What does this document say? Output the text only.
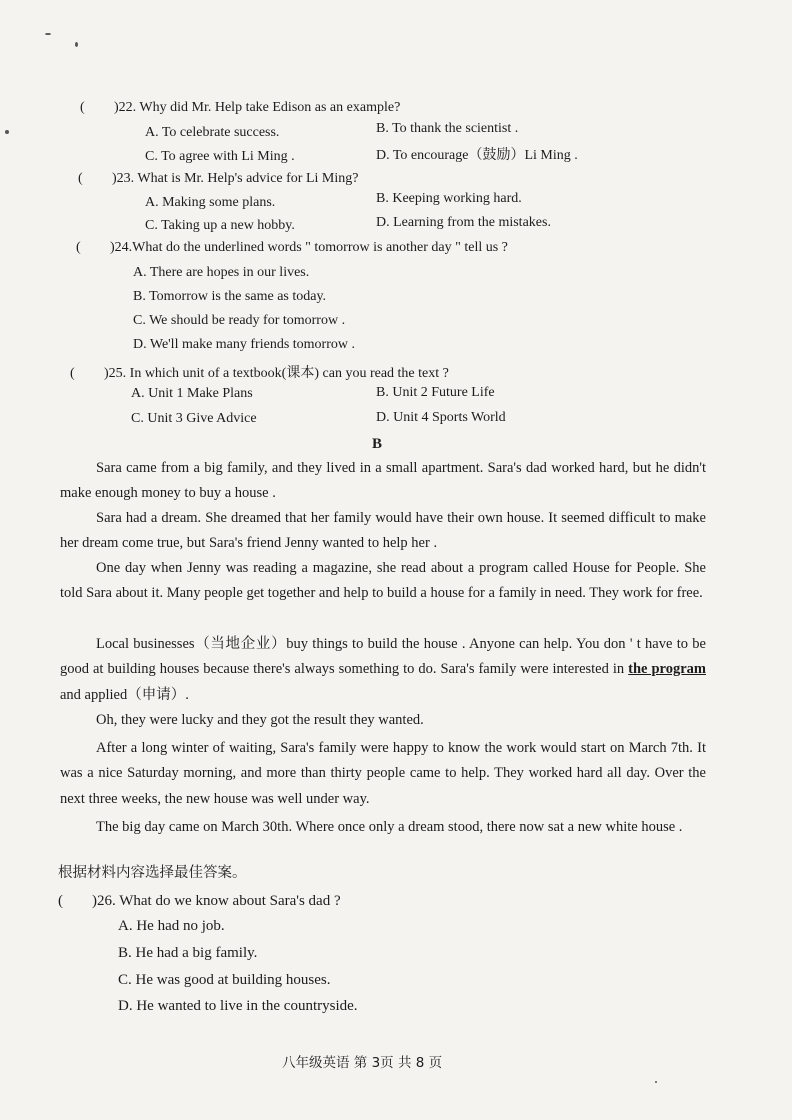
( )22. Why did Mr. Help take Edison as an example?
A. To celebrate success.	B. To thank the scientist .
C. To agree with Li Ming .	D. To encourage（鼓励）Li Ming .
( )23. What is Mr. Help's advice for Li Ming?
A. Making some plans.	B. Keeping working hard.
C. Taking up a new hobby.	D. Learning from the mistakes.
( )24.What do the underlined words " tomorrow is another day " tell us ?
A. There are hopes in our lives.
B. Tomorrow is the same as today.
C. We should be ready for tomorrow .
D. We'll make many friends tomorrow .
( )25. In which unit of a textbook(课本) can you read the text ?
A. Unit 1 Make Plans	B. Unit 2 Future Life
C. Unit 3 Give Advice	D. Unit 4 Sports World
B
Sara came from a big family, and they lived in a small apartment. Sara's dad worked hard, but he didn't make enough money to buy a house .
Sara had a dream. She dreamed that her family would have their own house. It seemed difficult to make her dream come true, but Sara's friend Jenny wanted to help her .
One day when Jenny was reading a magazine, she read about a program called House for People. She told Sara about it. Many people get together and help to build a house for a family in need. They work for free.
Local businesses（当地企业）buy things to build the house . Anyone can help. You don ' t have to be good at building houses because there's always something to do. Sara's family were interested in the program and applied（申请）.
Oh, they were lucky and they got the result they wanted.
After a long winter of waiting, Sara's family were happy to know the work would start on March 7th. It was a nice Saturday morning, and more than thirty people came to help. They worked hard all day. Over the next three weeks, the new house was well under way.
The big day came on March 30th. Where once only a dream stood, there now sat a new white house .
根据材料内容选择最佳答案。
( )26. What do we know about Sara's dad ?
A. He had no job.
B. He had a big family.
C. He was good at building houses.
D. He wanted to live in the countryside.
八年级英语 第 3页 共 8 页
